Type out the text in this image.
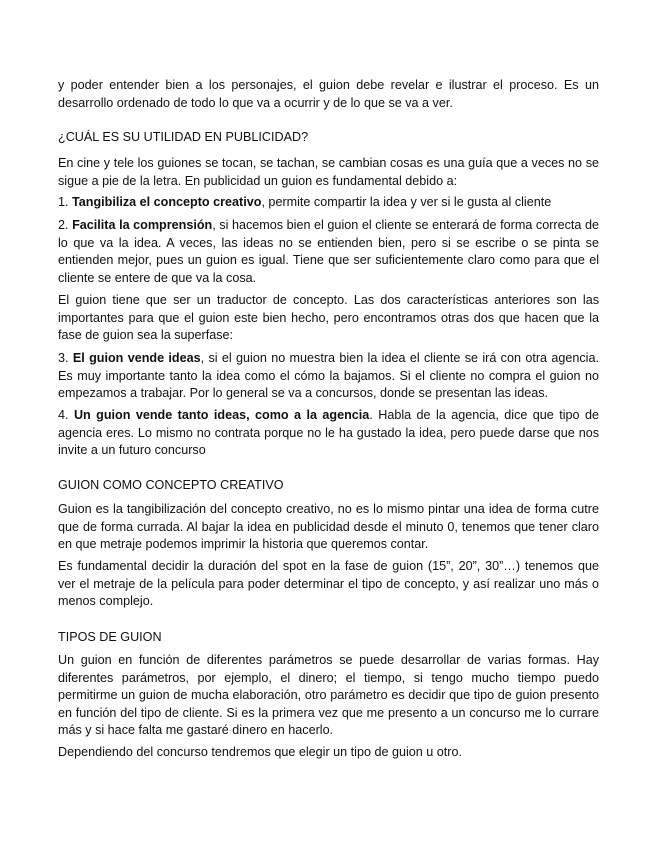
y poder entender bien a los personajes, el guion debe revelar e ilustrar el proceso. Es un desarrollo ordenado de todo lo que va a ocurrir y de lo que se va a ver.

¿CUÁL ES SU UTILIDAD EN PUBLICIDAD?

En cine y tele los guiones se tocan, se tachan, se cambian cosas es una guía que a veces no se sigue a pie de la letra. En publicidad un guion es fundamental debido a:

1. Tangibiliza el concepto creativo, permite compartir la idea y ver si le gusta al cliente

2. Facilita la comprensión, si hacemos bien el guion el cliente se enterará de forma correcta de lo que va la idea. A veces, las ideas no se entienden bien, pero si se escribe o se pinta se entienden mejor, pues un guion es igual. Tiene que ser suficientemente claro como para que el cliente se entere de que va la cosa.

El guion tiene que ser un traductor de concepto. Las dos características anteriores son las importantes para que el guion este bien hecho, pero encontramos otras dos que hacen que la fase de guion sea la superfase:

3. El guion vende ideas, si el guion no muestra bien la idea el cliente se irá con otra agencia. Es muy importante tanto la idea como el cómo la bajamos. Si el cliente no compra el guion no empezamos a trabajar. Por lo general se va a concursos, donde se presentan las ideas.

4. Un guion vende tanto ideas, como a la agencia. Habla de la agencia, dice que tipo de agencia eres. Lo mismo no contrata porque no le ha gustado la idea, pero puede darse que nos invite a un futuro concurso

GUION COMO CONCEPTO CREATIVO

Guion es la tangibilización del concepto creativo, no es lo mismo pintar una idea de forma cutre que de forma currada. Al bajar la idea en publicidad desde el minuto 0, tenemos que tener claro en que metraje podemos imprimir la historia que queremos contar.

Es fundamental decidir la duración del spot en la fase de guion (15”, 20”, 30”…) tenemos que ver el metraje de la película para poder determinar el tipo de concepto, y así realizar uno más o menos complejo.

TIPOS DE GUION

Un guion en función de diferentes parámetros se puede desarrollar de varias formas. Hay diferentes parámetros, por ejemplo, el dinero; el tiempo, si tengo mucho tiempo puedo permitirme un guion de mucha elaboración, otro parámetro es decidir que tipo de guion presento en función del tipo de cliente. Si es la primera vez que me presento a un concurso me lo currare más y si hace falta me gastaré dinero en hacerlo.

Dependiendo del concurso tendremos que elegir un tipo de guion u otro.
